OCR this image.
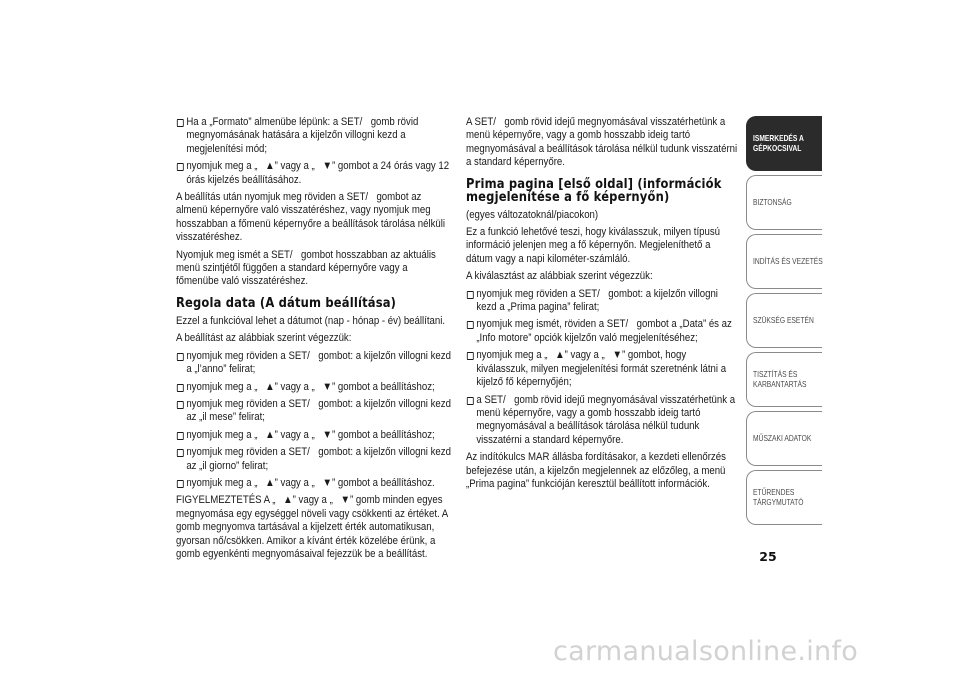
Ha a „Formato” almenübe lépünk: a SET/    gomb rövid megnyomásának hatására a kijelzőn villogni kezd a megjelenítési mód;
nyomjuk meg a „    ▲” vagy a „    ▼” gombot a 24 órás vagy 12 órás kijelzés beállításához.

A beállítás után nyomjuk meg röviden a SET/    gombot az almenü képernyőre való visszatéréshez, vagy nyomjuk meg hosszabban a főmenü képernyőre a beállítások tárolása nélküli visszatéréshez.

Nyomjuk meg ismét a SET/    gombot hosszabban az aktuális menü szintjétől függően a standard képernyőre vagy a főmenübe való visszatéréshez.

Regola data (A dátum beállítása)

Ezzel a funkcióval lehet a dátumot (nap - hónap - év) beállítani.

A beállítást az alábbiak szerint végezzük:

nyomjuk meg röviden a SET/    gombot: a kijelzőn villogni kezd a „l’anno” felirat;
nyomjuk meg a „    ▲” vagy a „    ▼” gombot a beállításhoz;
nyomjuk meg röviden a SET/    gombot: a kijelzőn villogni kezd az „il mese” felirat;
nyomjuk meg a „    ▲” vagy a „    ▼” gombot a beállításhoz;
nyomjuk meg röviden a SET/    gombot: a kijelzőn villogni kezd az „il giorno” felirat;
nyomjuk meg a „    ▲” vagy a „    ▼” gombot a beállításhoz.

FIGYELMEZTETÉS A „    ▲” vagy a „    ▼” gomb minden egyes megnyomása egy egységgel növeli vagy csökkenti az értéket. A gomb megnyomva tartásával a kijelzett érték automatikusan, gyorsan nő/csökken. Amikor a kívánt érték közelébe érünk, a gomb egyenkénti megnyomásaival fejezzük be a beállítást.

A SET/    gomb rövid idejű megnyomásával visszatérhetünk a menü képernyőre, vagy a gomb hosszabb ideig tartó megnyomásával a beállítások tárolása nélkül tudunk visszatérni a standard képernyőre.

Prima pagina [első oldal] (információk megjelenítése a fő képernyőn)

(egyes változatoknál/piacokon)

Ez a funkció lehetővé teszi, hogy kiválasszuk, milyen típusú információ jelenjen meg a fő képernyőn. Megjeleníthető a dátum vagy a napi kilométer-számláló.

A kiválasztást az alábbiak szerint végezzük:

nyomjuk meg röviden a SET/    gombot: a kijelzőn villogni kezd a „Prima pagina” felirat;
nyomjuk meg ismét, röviden a SET/    gombot a „Data” és az „Info motore” opciók kijelzőn való megjelenítéséhez;
nyomjuk meg a „    ▲” vagy a „    ▼” gombot, hogy kiválasszuk, milyen megjelenítési formát szeretnénk látni a kijelző fő képernyőjén;
a SET/    gomb rövid idejű megnyomásával visszatérhetünk a menü képernyőre, vagy a gomb hosszabb ideig tartó megnyomásával a beállítások tárolása nélkül tudunk visszatérni a standard képernyőre.

Az indítókulcs MAR állásba fordításakor, a kezdeti ellenőrzés befejezése után, a kijelzőn megjelennek az előzőleg, a menü „Prima pagina” funkcióján keresztül beállított információk.

ISMERKEDÉS A
GÉPKOCSIVAL
BIZTONSÁG
INDÍTÁS ÉS VEZETÉS
SZÜKSÉG ESETÉN
TISZTÍTÁS ÉS
KARBANTARTÁS
MŰSZAKI ADATOK
ETŰRENDES
TÁRGYMUTATÓ
25
carmanualsonline.info
